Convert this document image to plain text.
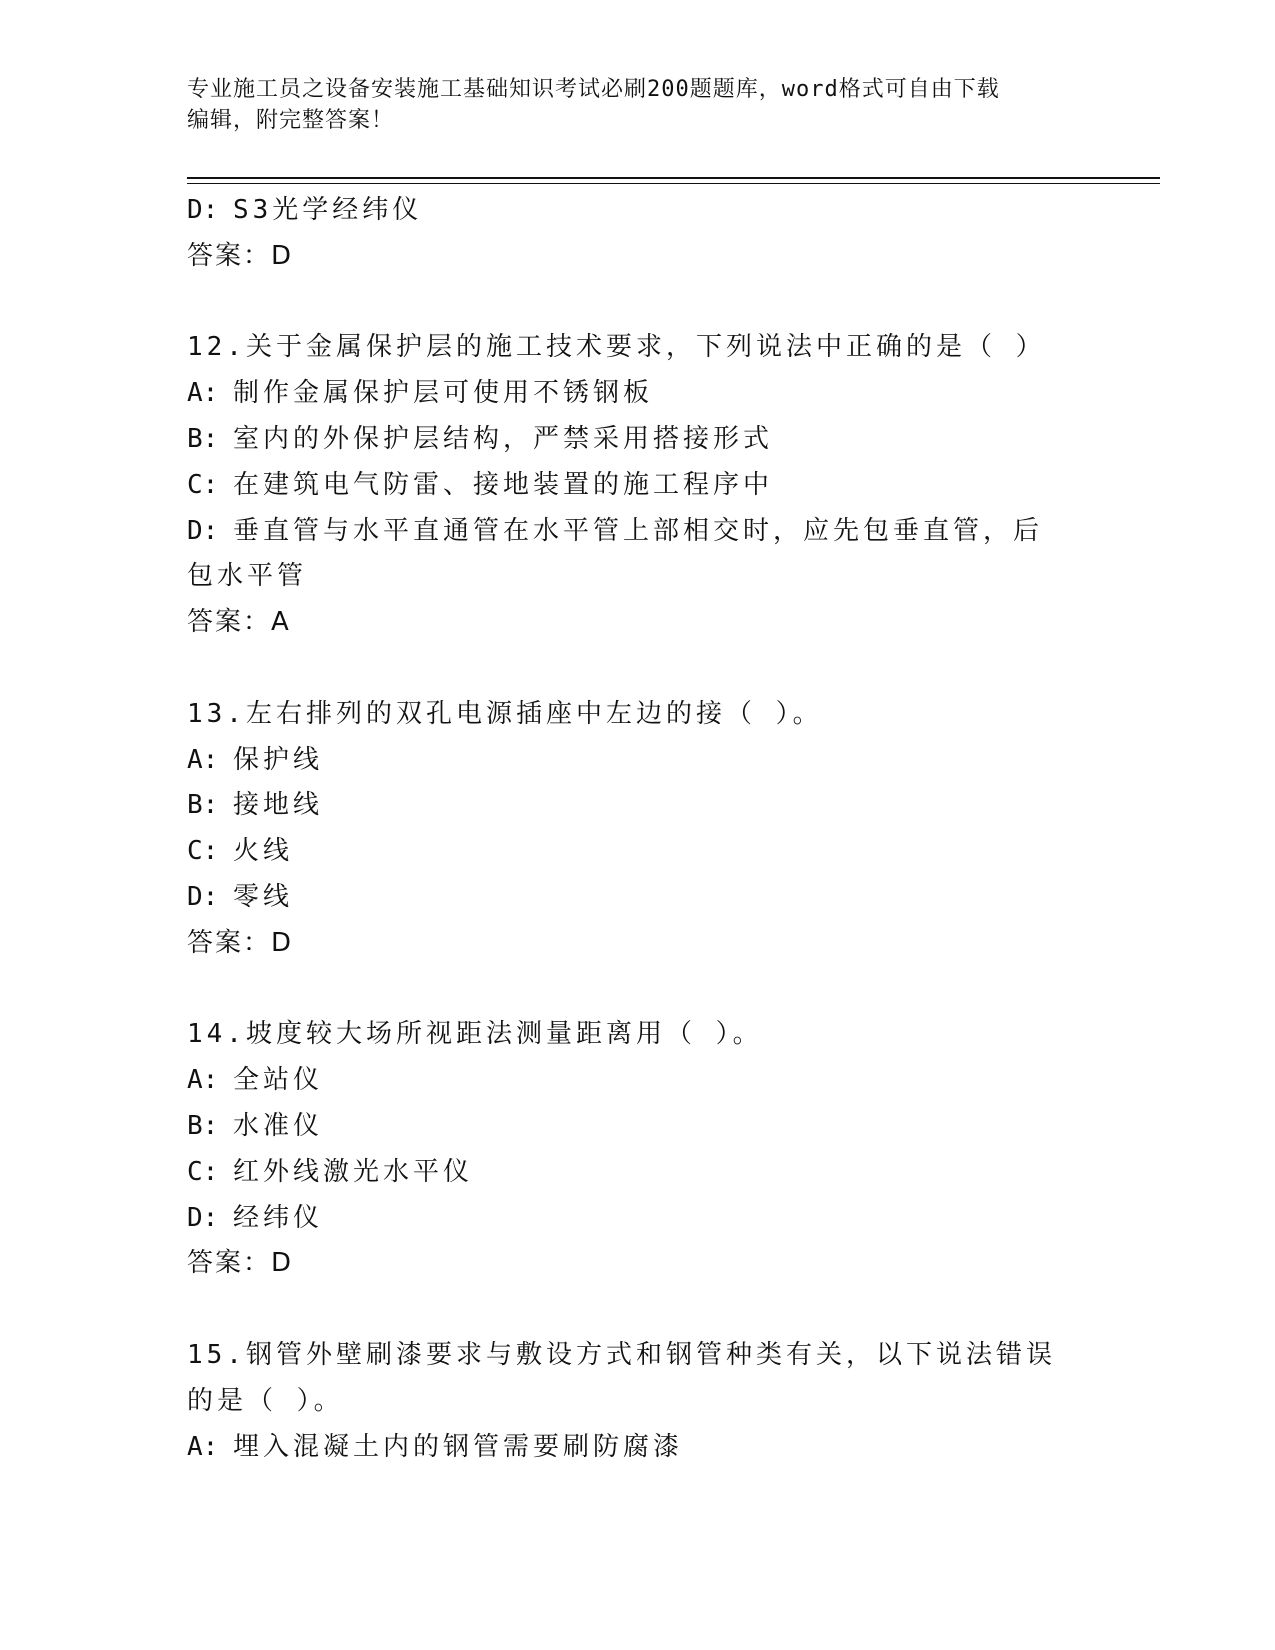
专业施工员之设备安装施工基础知识考试必刷200题题库，word格式可自由下载
编辑，附完整答案！
D: S3光学经纬仪
答案：D
12.关于金属保护层的施工技术要求，下列说法中正确的是（ ）
A: 制作金属保护层可使用不锈钢板
B: 室内的外保护层结构，严禁采用搭接形式
C: 在建筑电气防雷、接地装置的施工程序中
D: 垂直管与水平直通管在水平管上部相交时，应先包垂直管，后包水平管
答案：A
13.左右排列的双孔电源插座中左边的接（ ）。
A: 保护线
B: 接地线
C: 火线
D: 零线
答案：D
14.坡度较大场所视距法测量距离用（ ）。
A: 全站仪
B: 水准仪
C: 红外线激光水平仪
D: 经纬仪
答案：D
15.钢管外壁刷漆要求与敷设方式和钢管种类有关，以下说法错误的是（ ）。
A: 埋入混凝土内的钢管需要刷防腐漆
